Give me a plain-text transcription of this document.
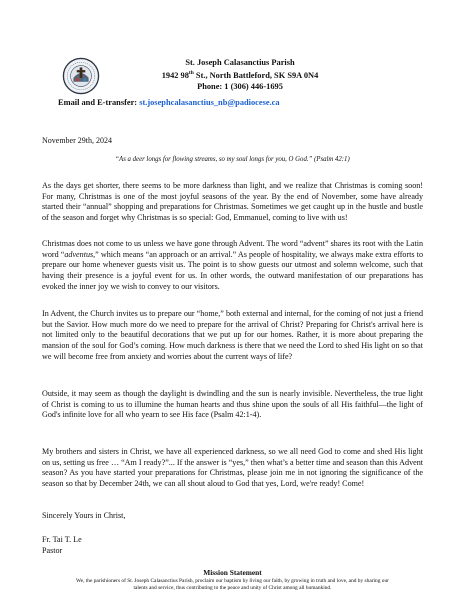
St. Joseph Calasanctius Parish
1942 98th St., North Battleford, SK S9A 0N4
Phone: 1 (306) 446-1695
Email and E-transfer: st.josephcalasanctius_nb@padiocese.ca
November 29th, 2024
“As a deer longs for flowing streams, so my soul longs for you, O God.” (Psalm 42:1)
As the days get shorter, there seems to be more darkness than light, and we realize that Christmas is coming soon! For many, Christmas is one of the most joyful seasons of the year. By the end of November, some have already started their “annual” shopping and preparations for Christmas. Sometimes we get caught up in the hustle and bustle of the season and forget why Christmas is so special: God, Emmanuel, coming to live with us!
Christmas does not come to us unless we have gone through Advent. The word “advent” shares its root with the Latin word “adventus,” which means “an approach or an arrival.” As people of hospitality, we always make extra efforts to prepare our home whenever guests visit us. The point is to show guests our utmost and solemn welcome, such that having their presence is a joyful event for us. In other words, the outward manifestation of our preparations has evoked the inner joy we wish to convey to our visitors.
In Advent, the Church invites us to prepare our “home,” both external and internal, for the coming of not just a friend but the Savior. How much more do we need to prepare for the arrival of Christ? Preparing for Christ's arrival here is not limited only to the beautiful decorations that we put up for our homes. Rather, it is more about preparing the mansion of the soul for God’s coming. How much darkness is there that we need the Lord to shed His light on so that we will become free from anxiety and worries about the current ways of life?
Outside, it may seem as though the daylight is dwindling and the sun is nearly invisible. Nevertheless, the true light of Christ is coming to us to illumine the human hearts and thus shine upon the souls of all His faithful—the light of God's infinite love for all who yearn to see His face (Psalm 42:1-4).
My brothers and sisters in Christ, we have all experienced darkness, so we all need God to come and shed His light on us, setting us free … “Am I ready?”... If the answer is “yes,” then what’s a better time and season than this Advent season? As you have started your preparations for Christmas, please join me in not ignoring the significance of the season so that by December 24th, we can all shout aloud to God that yes, Lord, we're ready! Come!
Sincerely Yours in Christ,
Fr. Tai T. Le
Pastor
Mission Statement
We, the parishioners of St. Joseph Calasanctius Parish, proclaim our baptism by living our faith, by growing in truth and love, and by sharing our talents and service, thus contributing to the peace and unity of Christ among all humankind.
